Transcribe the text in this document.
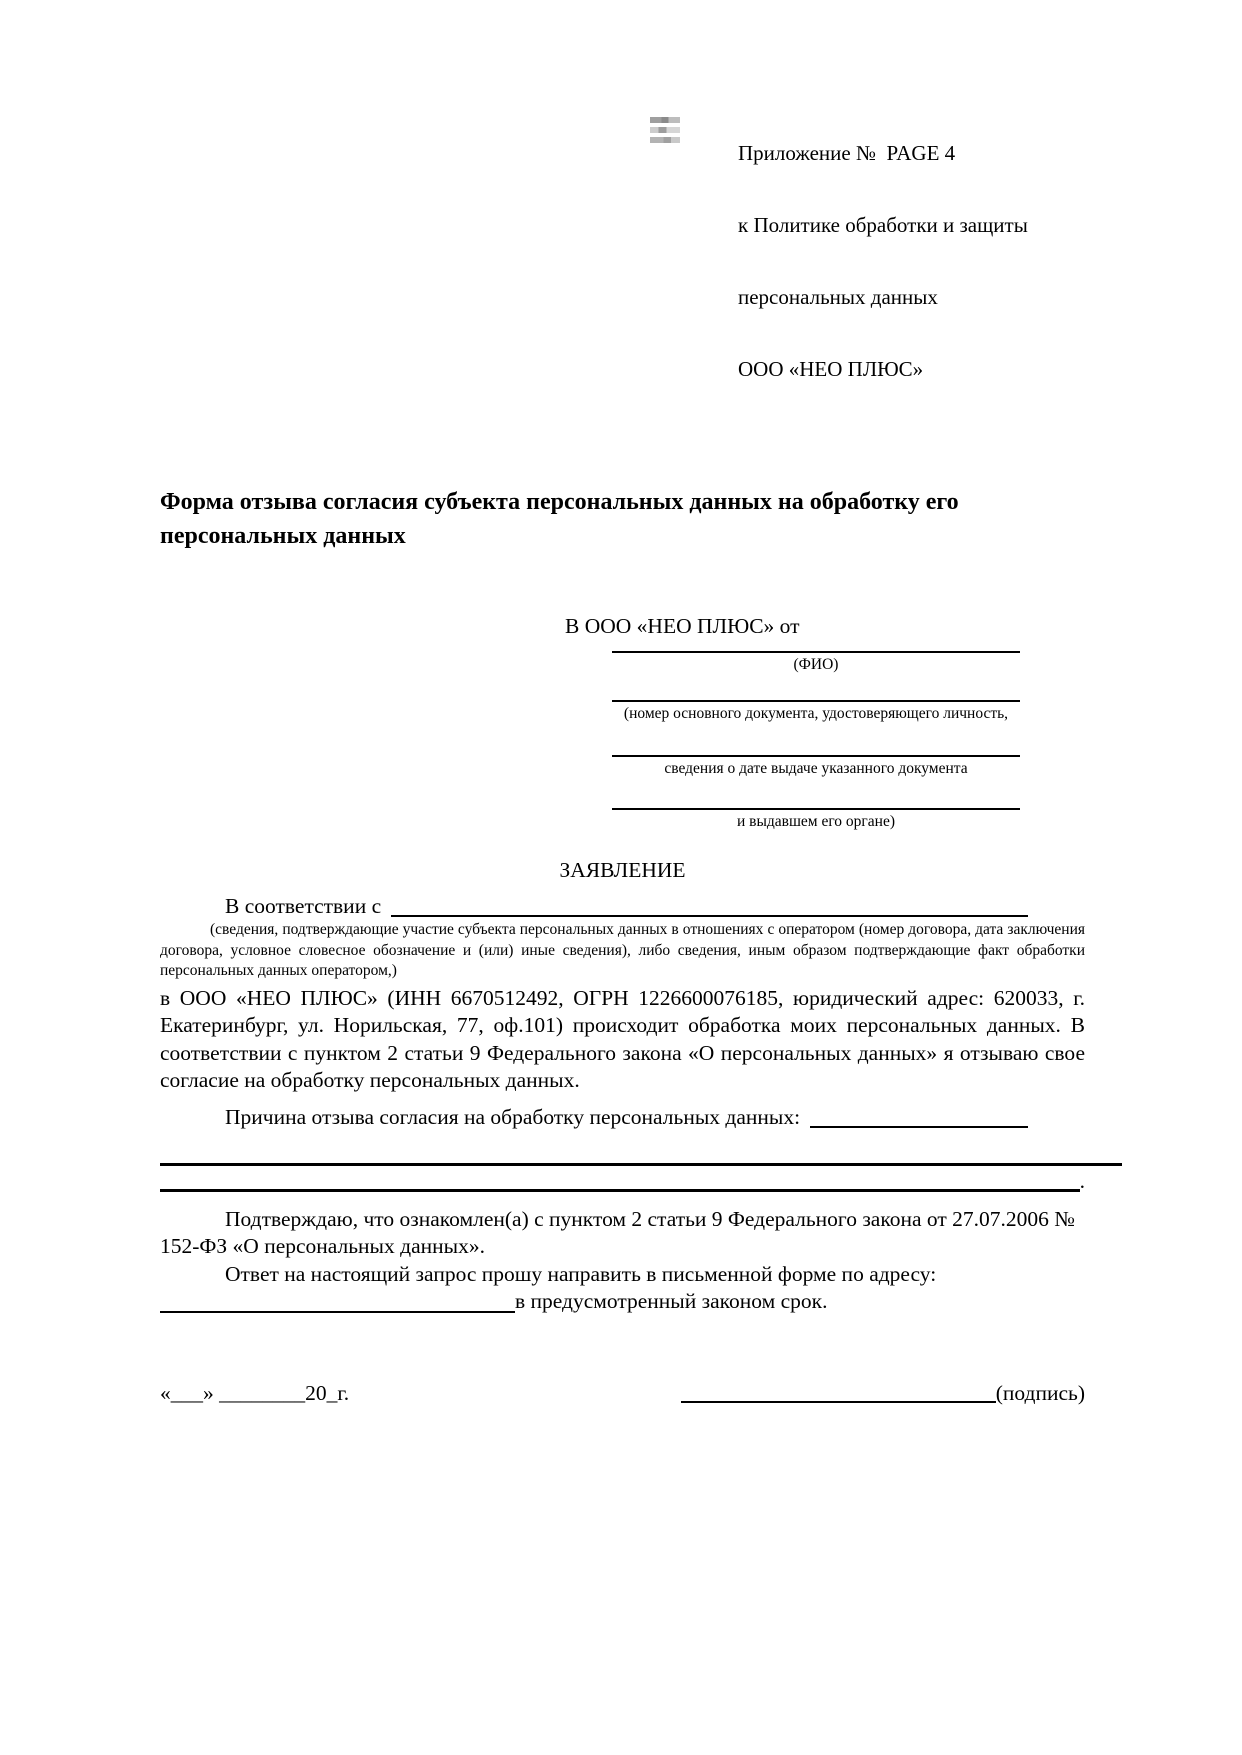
Приложение №  PAGE 4

к Политике обработки и защиты

персональных данных

ООО «НЕО ПЛЮС»

Форма отзыва согласия субъекта персональных данных на обработку его персональных данных
В ООО «НЕО ПЛЮС» от
(ФИО)
(номер основного документа, удостоверяющего личность,
сведения о дате выдаче указанного документа
и выдавшем его органе)
ЗАЯВЛЕНИЕ
В соответствии с
(сведения, подтверждающие участие субъекта персональных данных в отношениях с оператором (номер договора, дата заключения договора, условное словесное обозначение и (или) иные сведения), либо сведения, иным образом подтверждающие факт обработки персональных данных оператором,)
в ООО «НЕО ПЛЮС» (ИНН 6670512492, ОГРН 1226600076185, юридический адрес: 620033, г. Екатеринбург, ул. Норильская, 77, оф.101) происходит обработка моих персональных данных. В соответствии с пунктом 2 статьи 9 Федерального закона «О персональных данных» я отзываю свое согласие на обработку персональных данных.
Причина отзыва согласия на обработку персональных данных:
.
Подтверждаю, что ознакомлен(а) с пунктом 2 статьи 9 Федерального закона от 27.07.2006 № 152-ФЗ «О персональных данных».
Ответ на настоящий запрос прошу направить в письменной форме по адресу:
в предусмотренный законом срок.
«___» ________20_г.	(подпись)
